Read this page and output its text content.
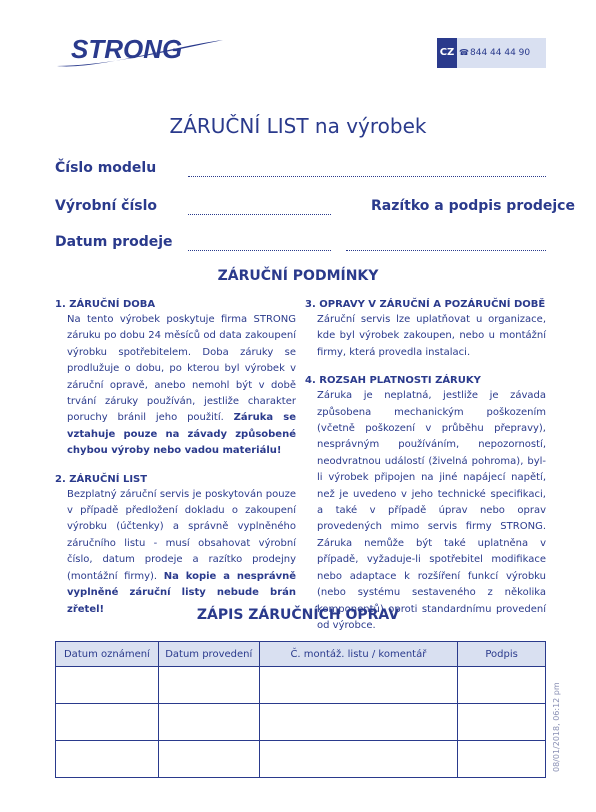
STRONG	CZ ☎ 844 44 44 90
ZÁRUČNÍ LIST na výrobek
Číslo modelu
Výrobní číslo	Razítko a podpis prodejce
Datum prodeje
ZÁRUČNÍ PODMÍNKY
1. ZÁRUČNÍ DOBA

Na tento výrobek poskytuje firma STRONG záruku po dobu 24 měsíců od data zakoupení výrobku spotřebitelem. Doba záruky se prodlužuje o dobu, po kterou byl výrobek v záruční opravě, anebo nemohl být v době trvání záruky používán, jestliže charakter poruchy bránil jeho použití. Záruka se vztahuje pouze na závady způsobené chybou výroby nebo vadou materiálu!

2. ZÁRUČNÍ LIST

Bezplatný záruční servis je poskytován pouze v případě předložení dokladu o zakoupení výrobku (účtenky) a správně vyplněného záručního listu - musí obsahovat výrobní číslo, datum prodeje a razítko prodejny (montážní firmy). Na kopie a nesprávně vyplněné záruční listy nebude brán zřetel!

3. OPRAVY V ZÁRUČNÍ A POZÁRUČNÍ DOBĚ

Záruční servis lze uplatňovat u organizace, kde byl výrobek zakoupen, nebo u montážní firmy, která provedla instalaci.

4. ROZSAH PLATNOSTI ZÁRUKY

Záruka je neplatná, jestliže je závada způsobena mechanickým poškozením (včetně poškození v průběhu přepravy), nesprávným používáním, nepozorností, neodvratnou událostí (živelná pohroma), byl-li výrobek připojen na jiné napájecí napětí, než je uvedeno v jeho technické specifikaci, a také v případě úprav nebo oprav provedených mimo servis firmy STRONG. Záruka nemůže být také uplatněna v případě, vyžaduje-li spotřebitel modifikace nebo adaptace k rozšíření funkcí výrobku (nebo systému sestaveného z několika komponentů) oproti standardnímu provedení od výrobce.

ZÁPIS ZÁRUČNÍCH OPRAV
Datum oznámení	Datum provedení	Č. montáž. listu / komentář	Podpis

08/01/2018, 06:12 pm
